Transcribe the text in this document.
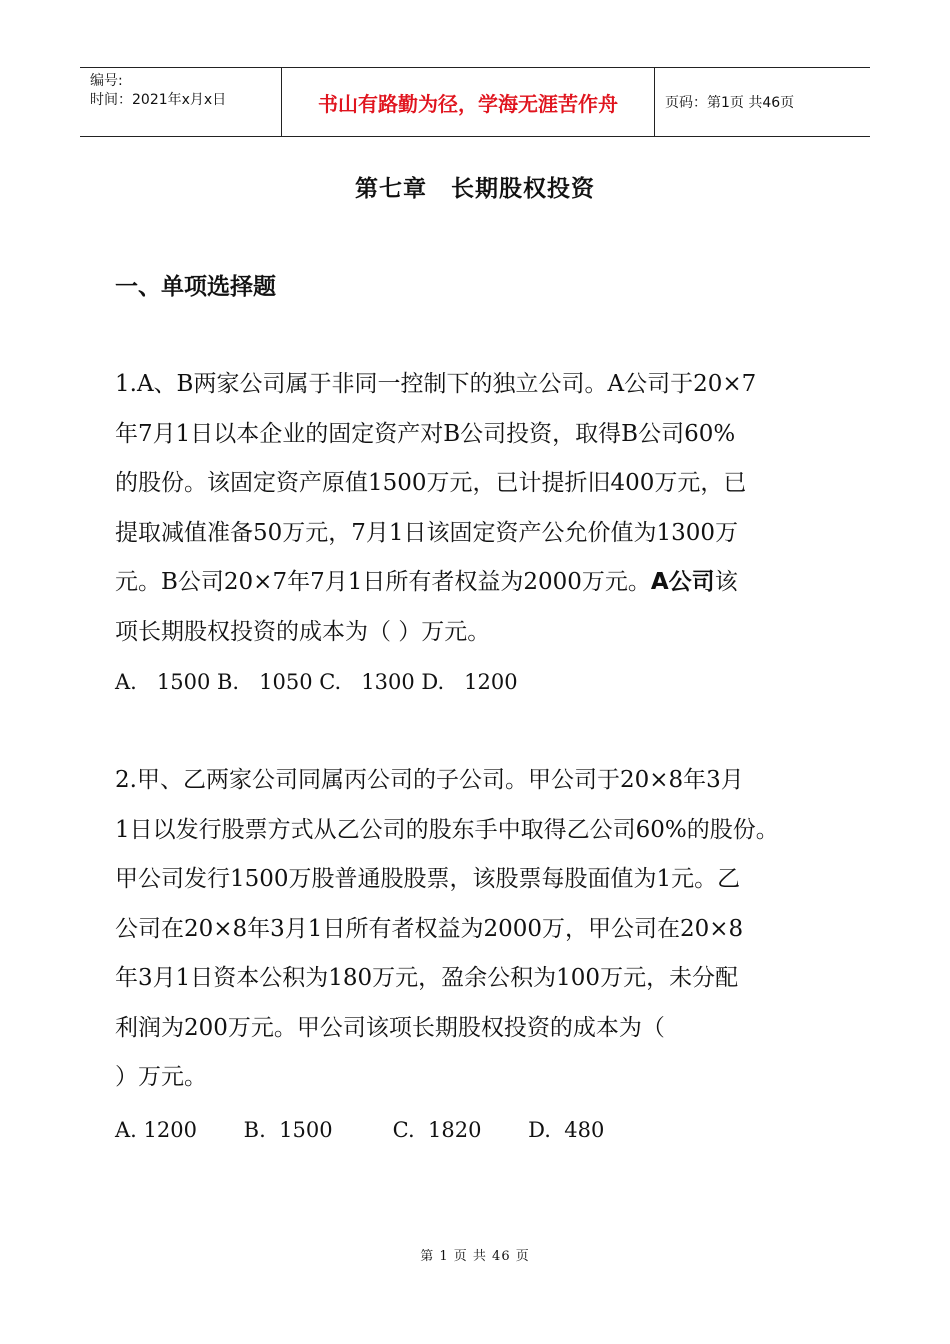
编号:
时间：2021年x月x日	书山有路勤为径，学海无涯苦作舟	页码：第1页 共46页
第七章 长期股权投资
一、单项选择题
1.A、B两家公司属于非同一控制下的独立公司。A公司于20×7
年7月1日以本企业的固定资产对B公司投资，取得B公司60%
的股份。该固定资产原值1500万元，已计提折旧400万元，已
提取减值准备50万元，7月1日该固定资产公允价值为1300万
元。B公司20×7年7月1日所有者权益为2000万元。A公司该
项长期股权投资的成本为（ ）万元。
A.   1500 B.   1050 C.   1300 D.   1200
2.甲、乙两家公司同属丙公司的子公司。甲公司于20×8年3月
1日以发行股票方式从乙公司的股东手中取得乙公司60%的股份。
甲公司发行1500万股普通股股票，该股票每股面值为1元。乙
公司在20×8年3月1日所有者权益为2000万，甲公司在20×8
年3月1日资本公积为180万元，盈余公积为100万元，未分配
利润为200万元。甲公司该项长期股权投资的成本为（
）万元。
A. 1200       B.  1500         C.  1820       D.  480
第 1 页 共 46 页
